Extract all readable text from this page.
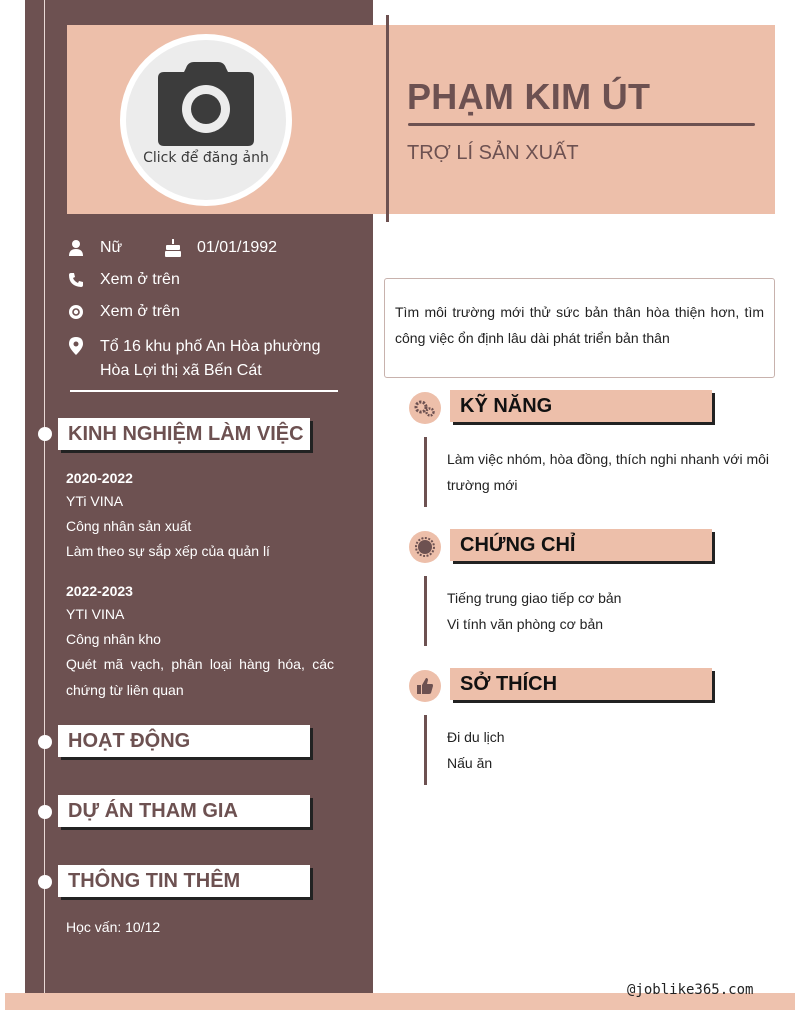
@joblike365.com
Click để đăng ảnh
PHẠM KIM ÚT
TRỢ LÍ SẢN XUẤT
Nữ	01/01/1992
Xem ở trên
Xem ở trên
Tổ 16 khu phố An Hòa phường Hòa Lợi thị xã Bến Cát
KINH NGHIỆM LÀM VIỆC
2020-2022
YTi VINA
Công nhân sản xuất
Làm theo sự sắp xếp của quản lí
2022-2023
YTI VINA
Công nhân kho
Quét mã vạch, phân loại hàng hóa, các chứng từ liên quan
HOẠT ĐỘNG
DỰ ÁN THAM GIA
THÔNG TIN THÊM
Học vấn: 10/12
Tìm môi trường mới thử sức bản thân hòa thiện hơn, tìm công việc ổn định lâu dài phát triển bản thân
KỸ NĂNG
Làm việc nhóm, hòa đồng, thích nghi nhanh với môi trường mới
CHỨNG CHỈ
Tiếng trung giao tiếp cơ bản
Vi tính văn phòng cơ bản
SỞ THÍCH
Đi du lịch
Nấu ăn
